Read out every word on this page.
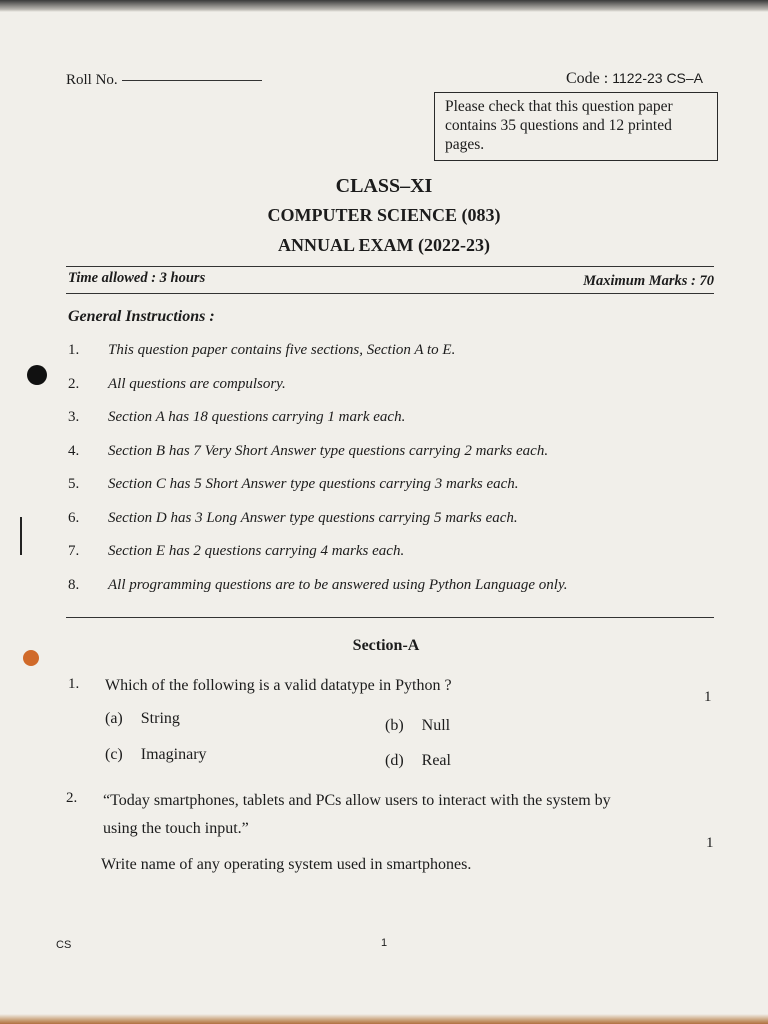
Roll No.	Code : 1122-23 CS–A
Please check that this question paper contains 35 questions and 12 printed pages.
CLASS–XI
COMPUTER SCIENCE (083)
ANNUAL EXAM (2022-23)
Time allowed : 3 hours	Maximum Marks : 70
General Instructions :
1. This question paper contains five sections, Section A to E.
2. All questions are compulsory.
3. Section A has 18 questions carrying 1 mark each.
4. Section B has 7 Very Short Answer type questions carrying 2 marks each.
5. Section C has 5 Short Answer type questions carrying 3 marks each.
6. Section D has 3 Long Answer type questions carrying 5 marks each.
7. Section E has 2 questions carrying 4 marks each.
8. All programming questions are to be answered using Python Language only.
Section-A
1. Which of the following is a valid datatype in Python ?
1
(a) String	(b) Null
(c) Imaginary	(d) Real
2. “Today smartphones, tablets and PCs allow users to interact with the system by
using the touch input.”
1
Write name of any operating system used in smartphones.
CS	1
